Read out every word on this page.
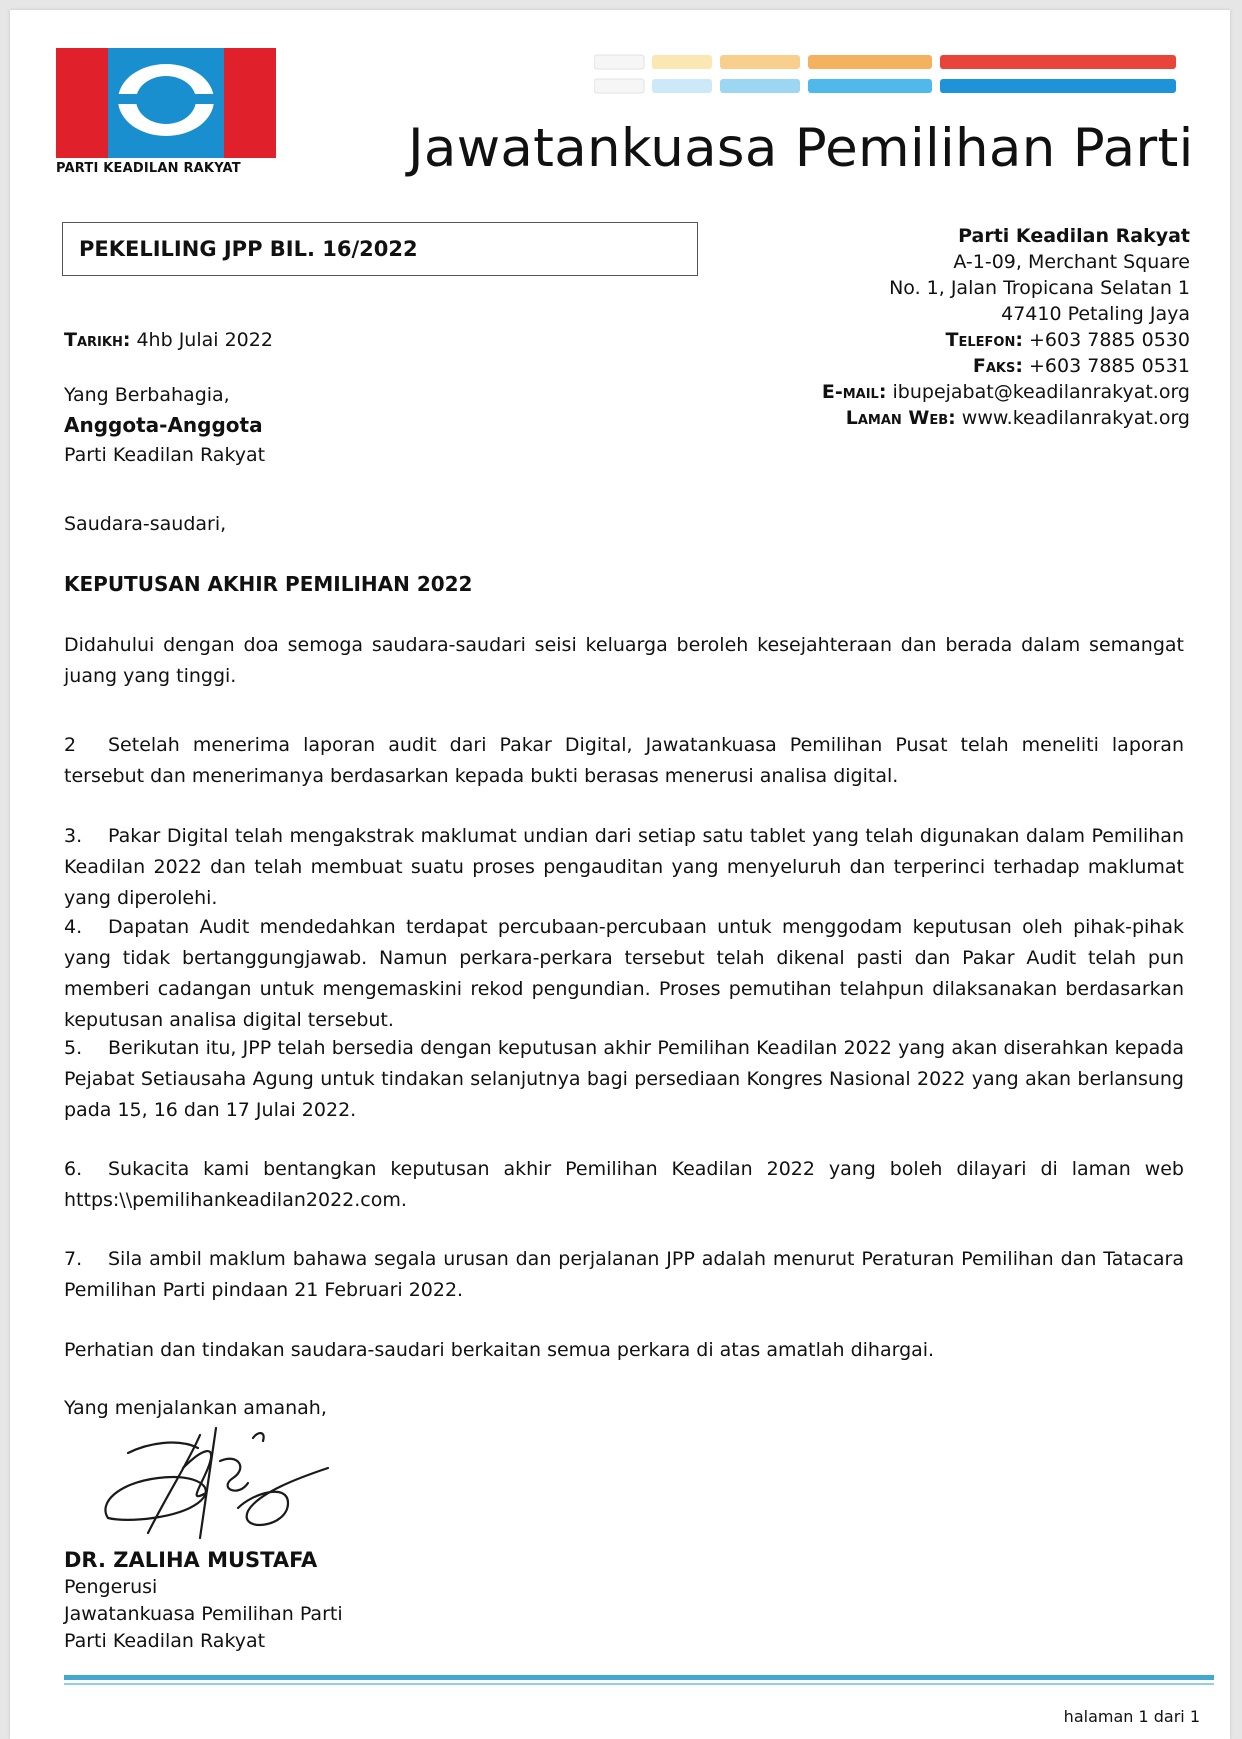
PARTI KEADILAN RAKYAT	Jawatankuasa Pemilihan Parti
PEKELILING JPP BIL. 16/2022
Parti Keadilan Rakyat
A-1-09, Merchant Square
No. 1, Jalan Tropicana Selatan 1
47410 Petaling Jaya
Telefon: +603 7885 0530
Faks: +603 7885 0531
E-mail: ibupejabat@keadilanrakyat.org
Laman Web: www.keadilanrakyat.org
Tarikh: 4hb Julai 2022
Yang Berbahagia,
Anggota-Anggota
Parti Keadilan Rakyat
Saudara-saudari,
KEPUTUSAN AKHIR PEMILIHAN 2022
Didahului dengan doa semoga saudara-saudari seisi keluarga beroleh kesejahteraan dan berada dalam semangat juang yang tinggi.
2 Setelah menerima laporan audit dari Pakar Digital, Jawatankuasa Pemilihan Pusat telah meneliti laporan tersebut dan menerimanya berdasarkan kepada bukti berasas menerusi analisa digital.
3. Pakar Digital telah mengakstrak maklumat undian dari setiap satu tablet yang telah digunakan dalam Pemilihan Keadilan 2022 dan telah membuat suatu proses pengauditan yang menyeluruh dan terperinci terhadap maklumat yang diperolehi.
4. Dapatan Audit mendedahkan terdapat percubaan-percubaan untuk menggodam keputusan oleh pihak-pihak yang tidak bertanggungjawab. Namun perkara-perkara tersebut telah dikenal pasti dan Pakar Audit telah pun memberi cadangan untuk mengemaskini rekod pengundian. Proses pemutihan telahpun dilaksanakan berdasarkan keputusan analisa digital tersebut.
5. Berikutan itu, JPP telah bersedia dengan keputusan akhir Pemilihan Keadilan 2022 yang akan diserahkan kepada Pejabat Setiausaha Agung untuk tindakan selanjutnya bagi persediaan Kongres Nasional 2022 yang akan berlansung pada 15, 16 dan 17 Julai 2022.
6. Sukacita kami bentangkan keputusan akhir Pemilihan Keadilan 2022 yang boleh dilayari di laman web https:\\pemilihankeadilan2022.com.
7. Sila ambil maklum bahawa segala urusan dan perjalanan JPP adalah menurut Peraturan Pemilihan dan Tatacara Pemilihan Parti pindaan 21 Februari 2022.
Perhatian dan tindakan saudara-saudari berkaitan semua perkara di atas amatlah dihargai.
Yang menjalankan amanah,
DR. ZALIHA MUSTAFA
Pengerusi
Jawatankuasa Pemilihan Parti
Parti Keadilan Rakyat
halaman 1 dari 1
